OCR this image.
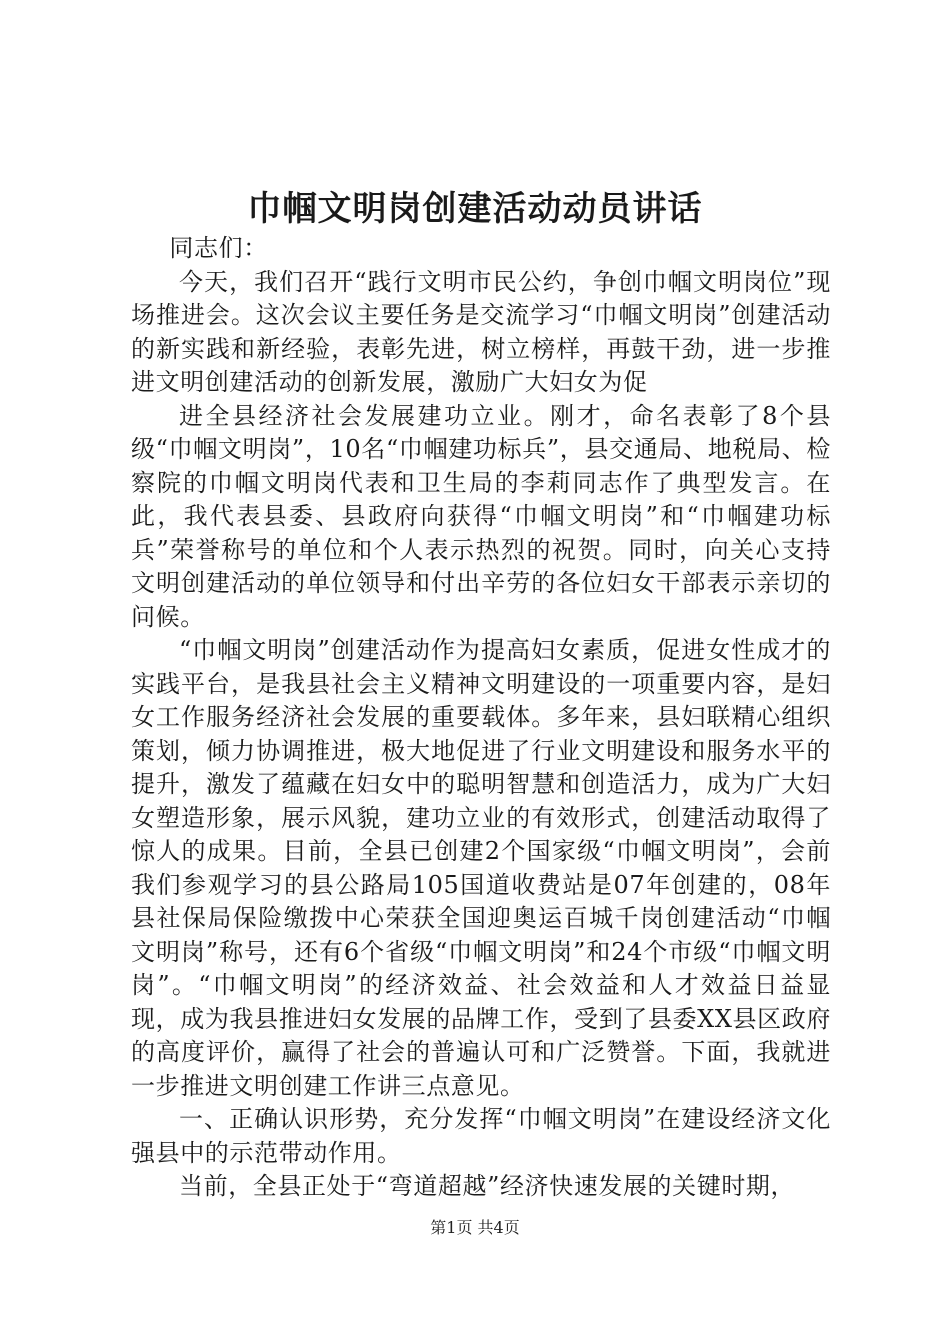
巾帼文明岗创建活动动员讲话

同志们：

今天，我们召开“践行文明市民公约，争创巾帼文明岗位”现场推进会。这次会议主要任务是交流学习“巾帼文明岗”创建活动的新实践和新经验，表彰先进，树立榜样，再鼓干劲，进一步推进文明创建活动的创新发展，激励广大妇女为促

进全县经济社会发展建功立业。刚才，命名表彰了8个县级“巾帼文明岗”，10名“巾帼建功标兵”，县交通局、地税局、检察院的巾帼文明岗代表和卫生局的李莉同志作了典型发言。在此，我代表县委、县政府向获得“巾帼文明岗”和“巾帼建功标兵”荣誉称号的单位和个人表示热烈的祝贺。同时，向关心支持文明创建活动的单位领导和付出辛劳的各位妇女干部表示亲切的问候。

“巾帼文明岗”创建活动作为提高妇女素质，促进女性成才的实践平台，是我县社会主义精神文明建设的一项重要内容，是妇女工作服务经济社会发展的重要载体。多年来，县妇联精心组织策划，倾力协调推进，极大地促进了行业文明建设和服务水平的提升，激发了蕴藏在妇女中的聪明智慧和创造活力，成为广大妇女塑造形象，展示风貌，建功立业的有效形式，创建活动取得了惊人的成果。目前，全县已创建2个国家级“巾帼文明岗”，会前我们参观学习的县公路局105国道收费站是07年创建的，08年县社保局保险缴拨中心荣获全国迎奥运百城千岗创建活动“巾帼文明岗”称号，还有6个省级“巾帼文明岗”和24个市级“巾帼文明岗”。“巾帼文明岗”的经济效益、社会效益和人才效益日益显现，成为我县推进妇女发展的品牌工作，受到了县委XX县区政府的高度评价，赢得了社会的普遍认可和广泛赞誉。下面，我就进一步推进文明创建工作讲三点意见。

一、正确认识形势，充分发挥“巾帼文明岗”在建设经济文化强县中的示范带动作用。

当前，全县正处于“弯道超越”经济快速发展的关键时期，

第1页 共4页
